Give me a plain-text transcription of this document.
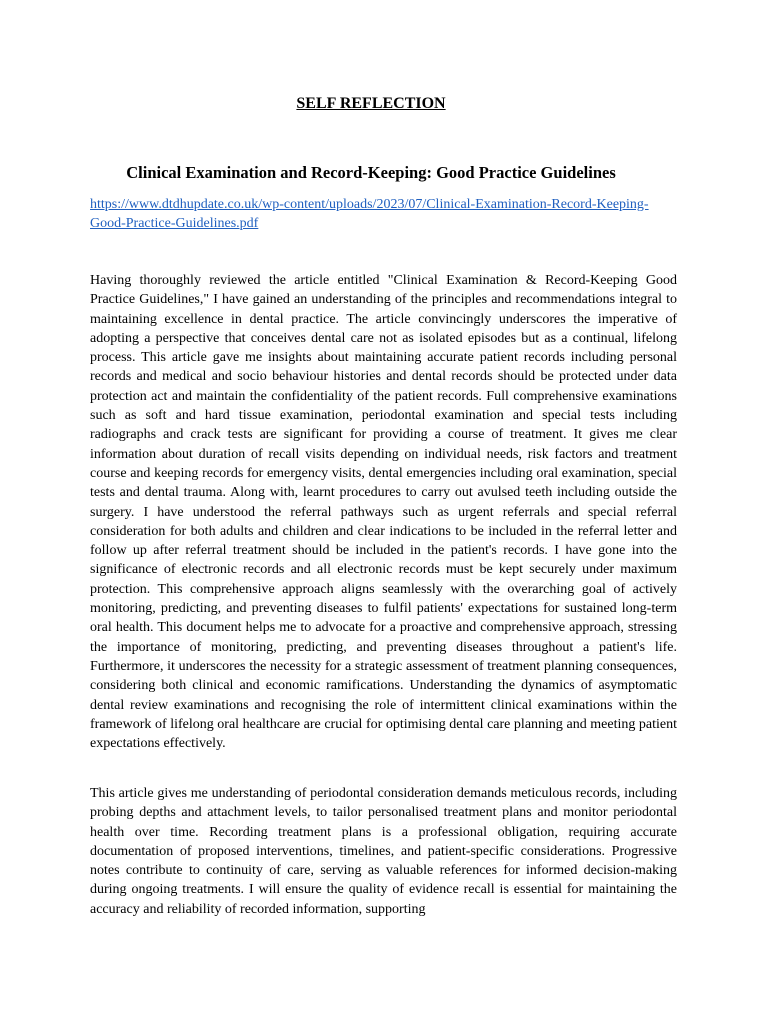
SELF REFLECTION
Clinical Examination and Record-Keeping: Good Practice Guidelines
https://www.dtdhupdate.co.uk/wp-content/uploads/2023/07/Clinical-Examination-Record-Keeping-Good-Practice-Guidelines.pdf

Having thoroughly reviewed the article entitled "Clinical Examination & Record-Keeping Good Practice Guidelines," I have gained an understanding of the principles and recommendations integral to maintaining excellence in dental practice. The article convincingly underscores the imperative of adopting a perspective that conceives dental care not as isolated episodes but as a continual, lifelong process. This article gave me insights about maintaining accurate patient records including personal records and medical and socio behaviour histories and dental records should be protected under data protection act and maintain the confidentiality of the patient records. Full comprehensive examinations such as soft and hard tissue examination, periodontal examination and special tests including radiographs and crack tests are significant for providing a course of treatment. It gives me clear information about duration of recall visits depending on individual needs, risk factors and treatment course and keeping records for emergency visits, dental emergencies including oral examination, special tests and dental trauma. Along with, learnt procedures to carry out avulsed teeth including outside the surgery. I have understood the referral pathways such as urgent referrals and special referral consideration for both adults and children and clear indications to be included in the referral letter and follow up after referral treatment should be included in the patient's records. I have gone into the significance of electronic records and all electronic records must be kept securely under maximum protection. This comprehensive approach aligns seamlessly with the overarching goal of actively monitoring, predicting, and preventing diseases to fulfil patients' expectations for sustained long-term oral health. This document helps me to advocate for a proactive and comprehensive approach, stressing the importance of monitoring, predicting, and preventing diseases throughout a patient's life. Furthermore, it underscores the necessity for a strategic assessment of treatment planning consequences, considering both clinical and economic ramifications. Understanding the dynamics of asymptomatic dental review examinations and recognising the role of intermittent clinical examinations within the framework of lifelong oral healthcare are crucial for optimising dental care planning and meeting patient expectations effectively.

This article gives me understanding of periodontal consideration demands meticulous records, including probing depths and attachment levels, to tailor personalised treatment plans and monitor periodontal health over time. Recording treatment plans is a professional obligation, requiring accurate documentation of proposed interventions, timelines, and patient-specific considerations. Progressive notes contribute to continuity of care, serving as valuable references for informed decision-making during ongoing treatments. I will ensure the quality of evidence recall is essential for maintaining the accuracy and reliability of recorded information, supporting
